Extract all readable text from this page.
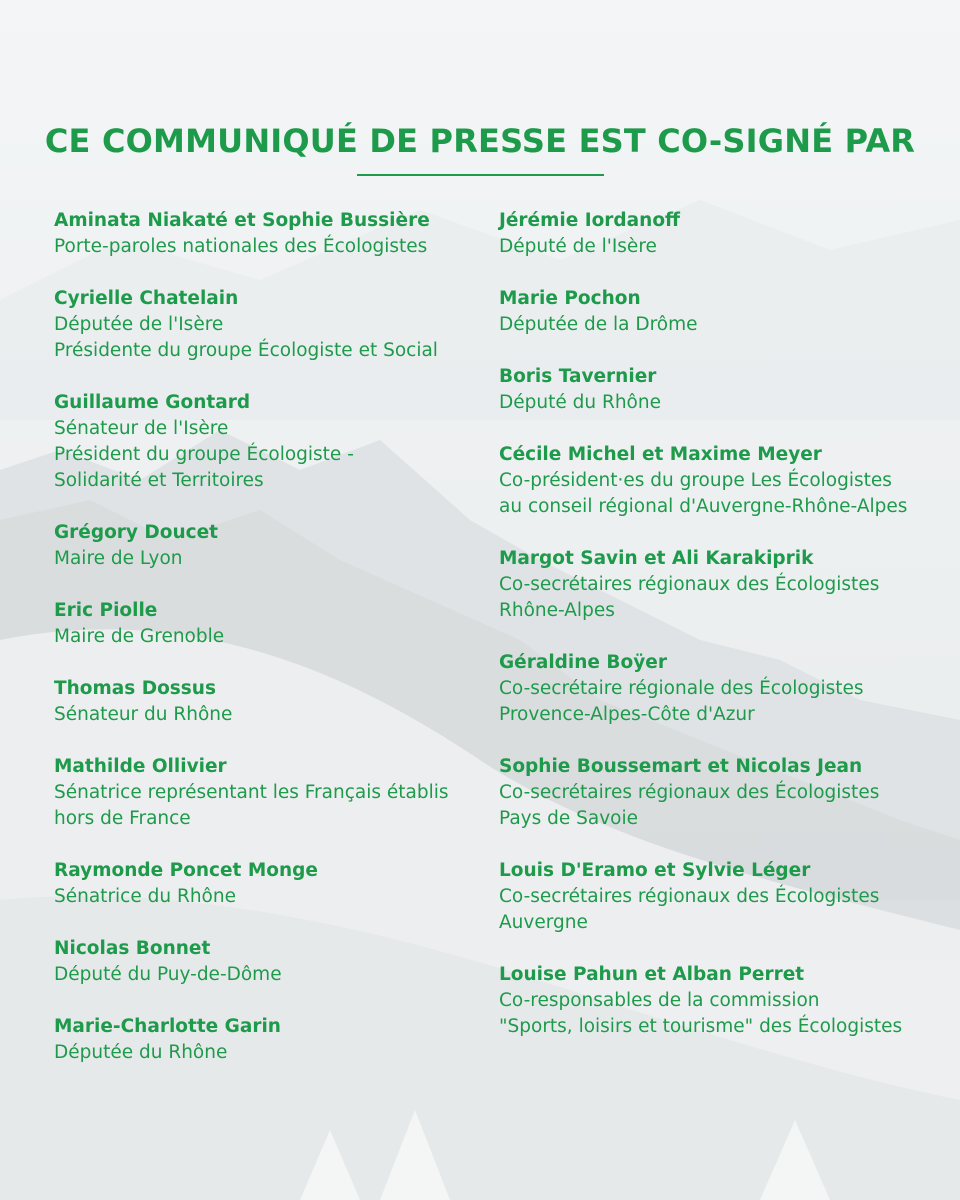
CE COMMUNIQUÉ DE PRESSE EST CO-SIGNÉ PAR
Aminata Niakaté et Sophie Bussière
Porte-paroles nationales des Écologistes
Cyrielle Chatelain
Députée de l'Isère
Présidente du groupe Écologiste et Social
Guillaume Gontard
Sénateur de l'Isère
Président du groupe Écologiste -
Solidarité et Territoires
Grégory Doucet
Maire de Lyon
Eric Piolle
Maire de Grenoble
Thomas Dossus
Sénateur du Rhône
Mathilde Ollivier
Sénatrice représentant les Français établis
hors de France
Raymonde Poncet Monge
Sénatrice du Rhône
Nicolas Bonnet
Député du Puy-de-Dôme
Marie-Charlotte Garin
Députée du Rhône
Jérémie Iordanoff
Député de l'Isère
Marie Pochon
Députée de la Drôme
Boris Tavernier
Député du Rhône
Cécile Michel et Maxime Meyer
Co-président·es du groupe Les Écologistes
au conseil régional d'Auvergne-Rhône-Alpes
Margot Savin et Ali Karakiprik
Co-secrétaires régionaux des Écologistes
Rhône-Alpes
Géraldine Boÿer
Co-secrétaire régionale des Écologistes
Provence-Alpes-Côte d'Azur
Sophie Boussemart et Nicolas Jean
Co-secrétaires régionaux des Écologistes
Pays de Savoie
Louis D'Eramo et Sylvie Léger
Co-secrétaires régionaux des Écologistes
Auvergne
Louise Pahun et Alban Perret
Co-responsables de la commission
"Sports, loisirs et tourisme" des Écologistes
